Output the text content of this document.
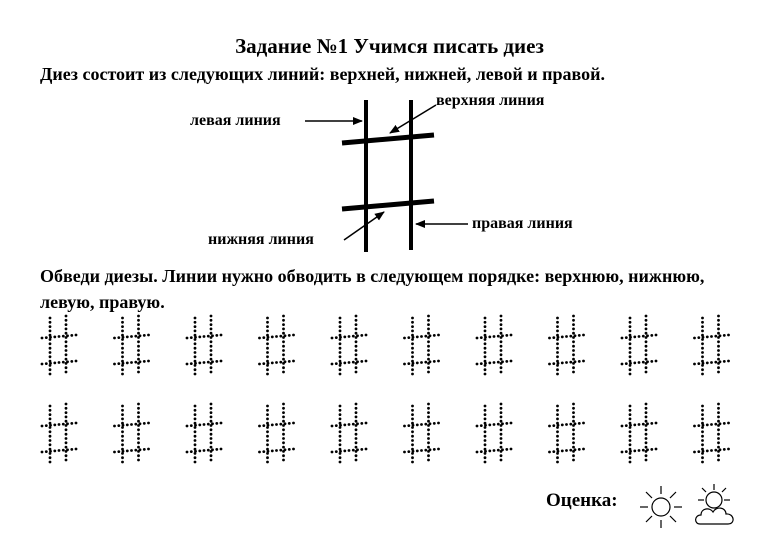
Задание №1 Учимся писать диез
Диез состоит из следующих линий: верхней, нижней, левой и правой.
верхняя линия
левая линия
правая линия
нижняя линия
Обведи диезы. Линии нужно обводить в следующем порядке: верхнюю, нижнюю, левую, правую.
Оценка:
